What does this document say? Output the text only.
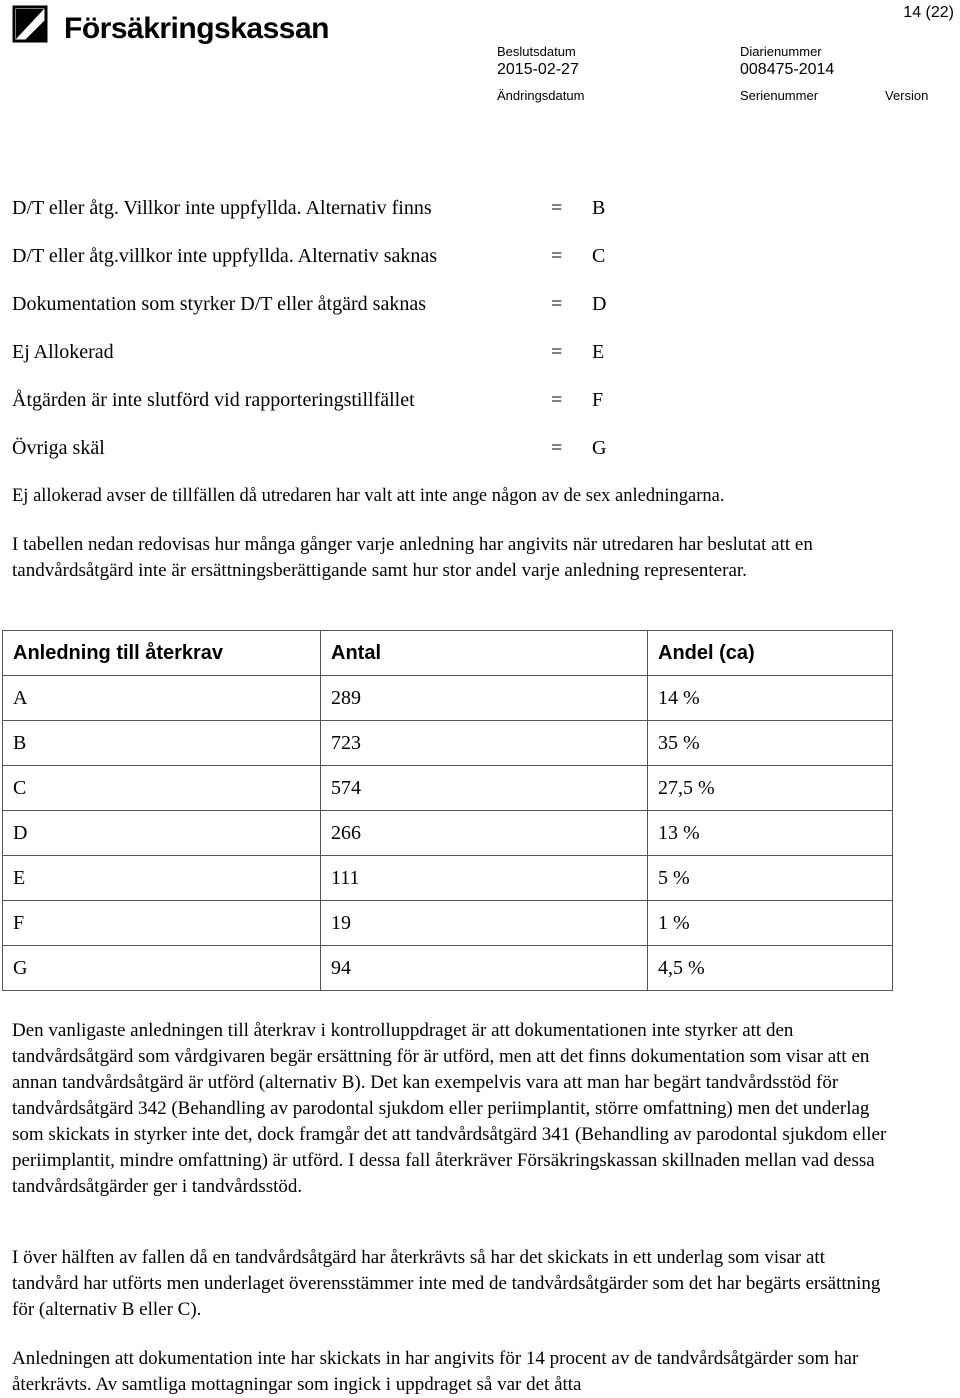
Försäkringskassan	14 (22)
Beslutsdatum
2015-02-27
Diarienummer
008475-2014
Ändringsdatum	Serienummer	Version
D/T eller åtg. Villkor inte uppfyllda. Alternativ finns	= B
D/T eller åtg.villkor inte uppfyllda. Alternativ saknas	= C
Dokumentation som styrker D/T eller åtgärd saknas	= D
Ej Allokerad	= E
Åtgärden är inte slutförd vid rapporteringstillfället	= F
Övriga skäl	= G
Ej allokerad avser de tillfällen då utredaren har valt att inte ange någon av de sex anledningarna.
I tabellen nedan redovisas hur många gånger varje anledning har angivits när utredaren har beslutat att en tandvårdsåtgärd inte är ersättningsberättigande samt hur stor andel varje anledning representerar.
Anledning till återkrav	Antal	Andel (ca)
A	289	14 %
B	723	35 %
C	574	27,5 %
D	266	13 %
E	111	5 %
F	19	1 %
G	94	4,5 %
Den vanligaste anledningen till återkrav i kontrolluppdraget är att dokumentationen inte styrker att den tandvårdsåtgärd som vårdgivaren begär ersättning för är utförd, men att det finns dokumentation som visar att en annan tandvårdsåtgärd är utförd (alternativ B). Det kan exempelvis vara att man har begärt tandvårdsstöd för tandvårdsåtgärd 342 (Behandling av parodontal sjukdom eller periimplantit, större omfattning) men det underlag som skickats in styrker inte det, dock framgår det att tandvårdsåtgärd 341 (Behandling av parodontal sjukdom eller periimplantit, mindre omfattning) är utförd. I dessa fall återkräver Försäkringskassan skillnaden mellan vad dessa tandvårdsåtgärder ger i tandvårdsstöd.
I över hälften av fallen då en tandvårdsåtgärd har återkrävts så har det skickats in ett underlag som visar att tandvård har utförts men underlaget överensstämmer inte med de tandvårdsåtgärder som det har begärts ersättning för (alternativ B eller C).
Anledningen att dokumentation inte har skickats in har angivits för 14 procent av de tandvårdsåtgärder som har återkrävts. Av samtliga mottagningar som ingick i uppdraget så var det åtta
